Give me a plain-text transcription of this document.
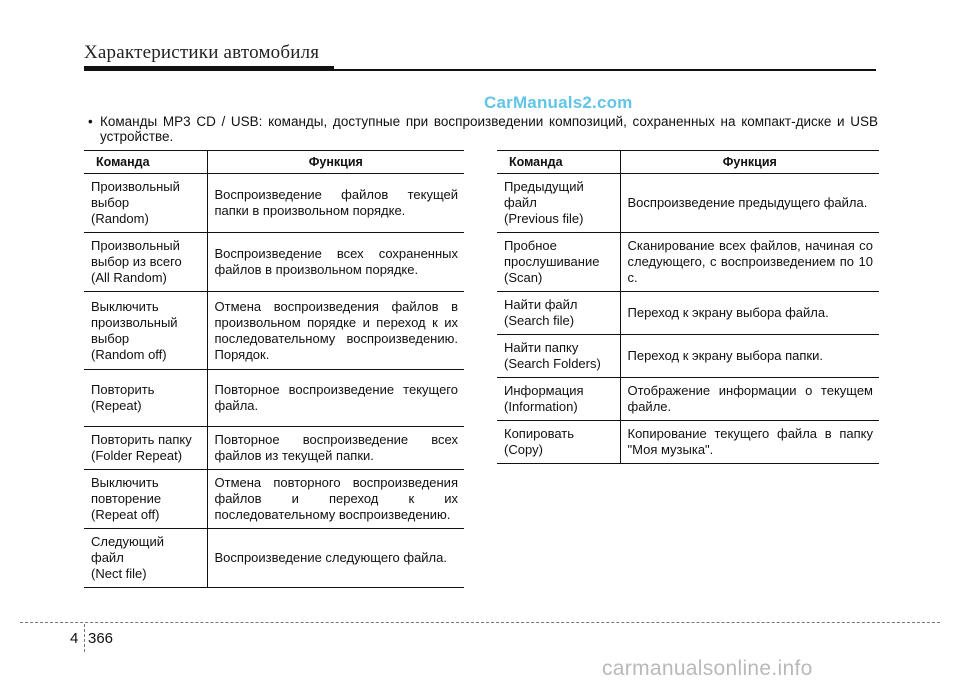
Характеристики автомобиля
CarManuals2.com
• Команды MP3 CD / USB: команды, доступные при воспроизведении композиций, сохраненных на компакт-диске и USB устройстве.
Команда	Функция
Произвольный
выбор
(Random)	Воспроизведение файлов текущей папки в произвольном порядке.
Произвольный
выбор из всего
(All Random)	Воспроизведение всех сохраненных файлов в произвольном порядке.
Выключить
произвольный
выбор
(Random off)	Отмена воспроизведения файлов в произвольном порядке и переход к их последовательному воспроизведению. Порядок.
Повторить
(Repeat)	Повторное воспроизведение текущего файла.
Повторить папку
(Folder Repeat)	Повторное воспроизведение всех файлов из текущей папки.
Выключить
повторение
(Repeat off)	Отмена повторного воспроизведения файлов и переход к их последовательному воспроизведению.
Следующий файл
(Nect file)	Воспроизведение следующего файла.
Команда	Функция
Предыдущий
файл
(Previous file)	Воспроизведение предыдущего файла.
Пробное
прослушивание
(Scan)	Сканирование всех файлов, начиная со следующего, с воспроизведением по 10 с.
Найти файл
(Search file)	Переход к экрану выбора файла.
Найти папку
(Search Folders)	Переход к экрану выбора папки.
Информация
(Information)	Отображение информации о текущем файле.
Копировать
(Copy)	Копирование текущего файла в папку "Моя музыка".
4 366
carmanualsonline.info
